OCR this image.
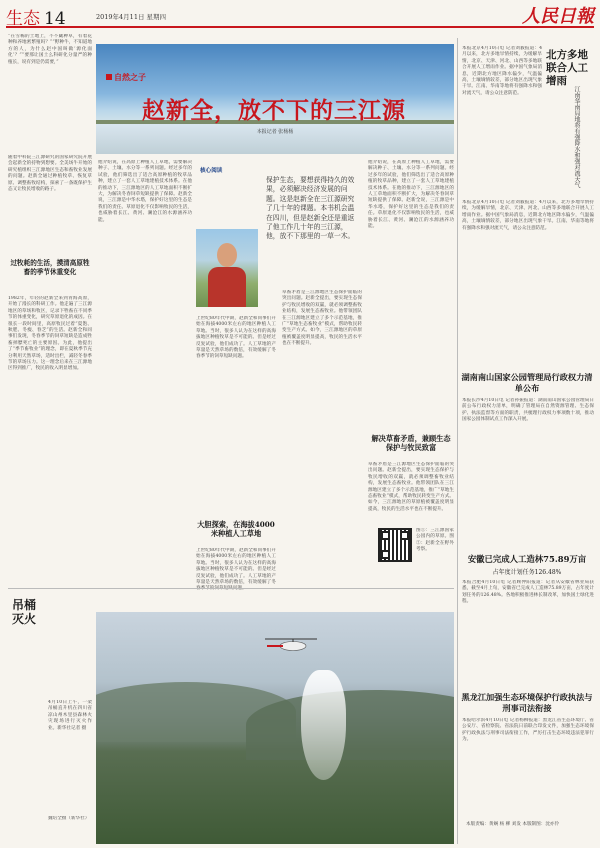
生态 14	2019年4月11日 星期四	人民日報
“在雪稀的土地上，不不藏种草，有着花种和养地密繁殖吗？”“野种牛，不知道地方的人，为什么赵中国叫做‘源化面化’？”“要那让国土么科研化分量严的种植长，说有到是仍需要，”
随着中科院三江源研究的国家研究院开展会起新全的持物到想要。全美场牛开始的研究植组织三江源地区生态和畜牧业发展的问题。赵新全通过种植牧草、恢复草原、调整畜牧结构，探索了一条既保护生态又让牧民增收的路子。
过牧耗的生活，摸清高原牲畜的季节休重变化
1982年，年轻的赵新全来到青海高原，开始了漫长的科研工作。他走遍了三江源地区的草场和牧区，记录下牲畜在不同季节的体重变化，研究草原退化的成因。在很长一段时间里，高原牧民过着“夏饱、秋肥、冬瘦、春乏”的生活。赵新全和同事们发现，冬春季节的饲草短缺是造成牲畜掉膘死亡的主要原因。为此，他提出了“季节畜牧业”的理念，即在夏秋季节充分利用天然草场，适时出栏，减轻冬春季节的草场压力。这一理念后来在三江源地区得到推广，牧民的收入明显增加。
自然之子
赵新全，放不下的三江源
本报记者 张杨杨
核心阅读
他介绍说，在高原上种植人工草地，需要解决种子、土壤、水分等一系列问题。经过多年的试验，他们筛选出了适合高原种植的牧草品种，建立了一套人工草地建植技术体系。在他的推动下，三江源地区的人工草地面积不断扩大，为解决冬春饲草短缺提供了保障。赵新全说，三江源是中华水塔，保护好这里的生态是我们的责任。草原退化不仅影响牧民的生活，也威胁着长江、黄河、澜沧江的水源涵养功能。
保护生态，要想获得持久的效果，必须解决经济发展的问题。这是赵新全在三江源研究了几十年的课题。本书机会温在四川，但是赵新全还是重返了他工作几十年的三江源，他，放不下那里的一草一木。
上世纪80年代中期，赵新全和同事们开始在海拔4000米左右的地区种植人工草地。当时，很多人认为在这样的高海拔地区种植牧草是不可能的。但是经过反复试验，他们成功了。人工草地的产草量是天然草场的数倍，有效缓解了冬春季节的饲草短缺问题。
大胆探索，在海拔4000米种植人工草地
上世纪80年代中期，赵新全和同事们开始在海拔4000米左右的地区种植人工草地。当时，很多人认为在这样的高海拔地区种植牧草是不可能的。但是经过反复试验，他们成功了。人工草地的产草量是天然草场的数倍，有效缓解了冬
草畜矛盾是三江源地区生态保护面临的突出问题。赵新全提出，要实现生态保护与牧民增收的双赢，就必须调整畜牧业结构，发展生态畜牧业。他带领团队在三江源地区建立了多个示范基地，推广“草地生态畜牧业”模式，帮助牧民转变生产方式。如今，三江源地区的草原植被覆盖度明显提高，牧民的生活水平也在不断提升。
他介绍说，在高原上种植人工草地，需要解决种子、土壤、水分等一系列问题。经过多年的试验，他们筛选出了适合高原种植的牧草品种，建立了一套人工草地建植技术体系。在他的推动下，三江源地区的人工草地面积不断扩大，为解决冬春饲草短缺提供了保障。赵新全说，三江源是中华水塔，保护好这里的生态是我们的责任。草原退化不仅影响牧民的生活，也威胁着长江、黄河、澜沧江的水源涵养功能。
解决草畜矛盾，兼顾生态保护与牧民致富
草畜矛盾是三江源地区生态保护面临的突出问题。赵新全提出，要实现生态保护与牧民增收的双赢，就必须调整畜牧业结构，发展生态畜牧业。他带领团队在三江源地区建立了多个示范基地，推广“草地生态畜牧业”模式，帮助牧民转变生产方式。如今，三江源地区的草原植被覆盖度明显提高，牧民的生活水平也在不断提升。
图①：三江源国家公园内的草原。图②：赵新全在野外考察。
本报北京4月10日电 记者刘毅报道：4月以来，北方多地旱情持续，为缓解旱情，北京、天津、河北、山西等多地联合开展人工增雨作业。据中国气象局消息，近期北方地区降水偏少，气温偏高，土壤墒情较差，部分地区出现气象干旱。江南、华南等地将有强降水和强对流天气，请公众注意防范。
北方多地联合人工增雨
江南华南局地将有强降水和强对流天气
本报北京4月10日电 记者刘毅报道：4月以来，北方多地旱情持续，为缓解旱情，北京、天津、河北、山西等多地联合开展人工增雨作业。据中国气象局消息，近期北方地区降水偏少，气温偏高，土壤墒情较差，部分地区出现气象干旱。江南、华南等地将有强降水和强对流天气，请公众注意防范。
湖南南山国家公园管理局行政权力清单公布
本报长沙4月10日电 记者孙振报道：湖南南山国家公园管理局日前公布行政权力清单，明确了管理局在自然资源管理、生态保护、执法监督等方面的职责，共梳理行政权力事项数十项，推动国家公园体制试点工作深入开展。
安徽已完成人工造林75.89万亩
占年度计划任务126.48%
本报合肥4月10日电 记者顾仲阳报道：记者从安徽省林业局获悉，截至4月上旬，安徽省已完成人工造林75.89万亩，占年度计划任务的126.48%。各地积极推进林长制改革，加快国土绿化进程。
黑龙江加强生态环境保护行政执法与刑事司法衔接
本报哈尔滨4月10日电 记者杨柳报道：黑龙江省生态环境厅、省公安厅、省检察院、省法院日前联合印发文件，加强生态环境保护行政执法与刑事司法衔接工作，严厉打击生态环境违法犯罪行为。
本版责编：黄娴 杨 柳 刘发 本版制图：沈亦伶
吊桶灭火
4月10日上午，一架吊桶直升机在四川省凉山州木里县森林火灾现场进行灭火作业。新华社记者 摄
魏培全摄（新华社）
